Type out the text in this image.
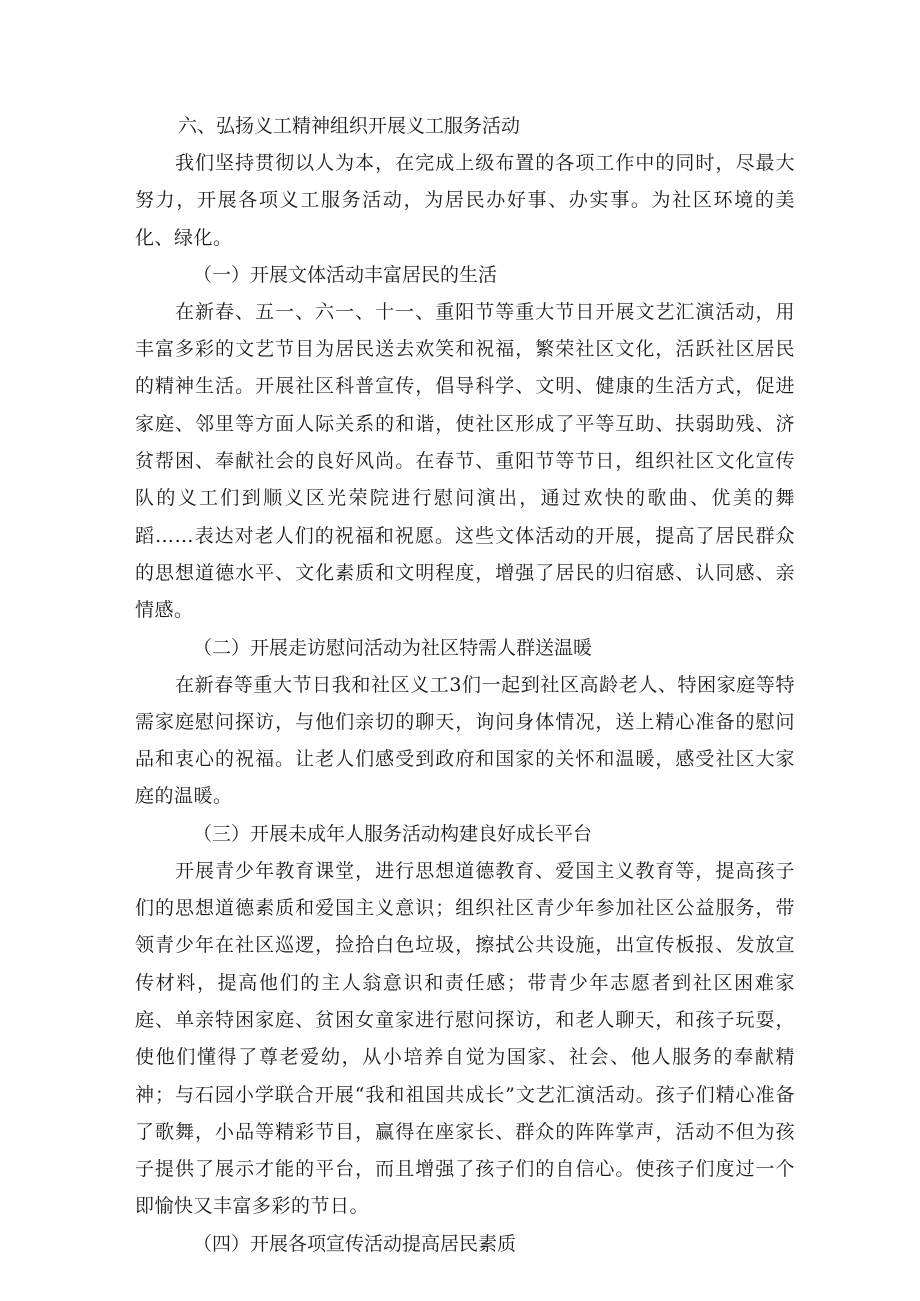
六、弘扬义工精神组织开展义工服务活动

我们坚持贯彻以人为本，在完成上级布置的各项工作中的同时，尽最大努力，开展各项义工服务活动，为居民办好事、办实事。为社区环境的美化、绿化。

（一）开展文体活动丰富居民的生活

在新春、五一、六一、十一、重阳节等重大节日开展文艺汇演活动，用丰富多彩的文艺节目为居民送去欢笑和祝福，繁荣社区文化，活跃社区居民的精神生活。开展社区科普宣传，倡导科学、文明、健康的生活方式，促进家庭、邻里等方面人际关系的和谐，使社区形成了平等互助、扶弱助残、济贫帮困、奉献社会的良好风尚。在春节、重阳节等节日，组织社区文化宣传队的义工们到顺义区光荣院进行慰问演出，通过欢快的歌曲、优美的舞蹈……表达对老人们的祝福和祝愿。这些文体活动的开展，提高了居民群众的思想道德水平、文化素质和文明程度，增强了居民的归宿感、认同感、亲情感。

（二）开展走访慰问活动为社区特需人群送温暖

在新春等重大节日我和社区义工3们一起到社区高龄老人、特困家庭等特需家庭慰问探访，与他们亲切的聊天，询问身体情况，送上精心准备的慰问品和衷心的祝福。让老人们感受到政府和国家的关怀和温暖，感受社区大家庭的温暖。

（三）开展未成年人服务活动构建良好成长平台

开展青少年教育课堂，进行思想道德教育、爱国主义教育等，提高孩子们的思想道德素质和爱国主义意识；组织社区青少年参加社区公益服务，带领青少年在社区巡逻，捡拾白色垃圾，擦拭公共设施，出宣传板报、发放宣传材料，提高他们的主人翁意识和责任感；带青少年志愿者到社区困难家庭、单亲特困家庭、贫困女童家进行慰问探访，和老人聊天，和孩子玩耍，使他们懂得了尊老爱幼，从小培养自觉为国家、社会、他人服务的奉献精神；与石园小学联合开展“我和祖国共成长”文艺汇演活动。孩子们精心准备了歌舞，小品等精彩节目，赢得在座家长、群众的阵阵掌声，活动不但为孩子提供了展示才能的平台，而且增强了孩子们的自信心。使孩子们度过一个即愉快又丰富多彩的节日。

（四）开展各项宣传活动提高居民素质
